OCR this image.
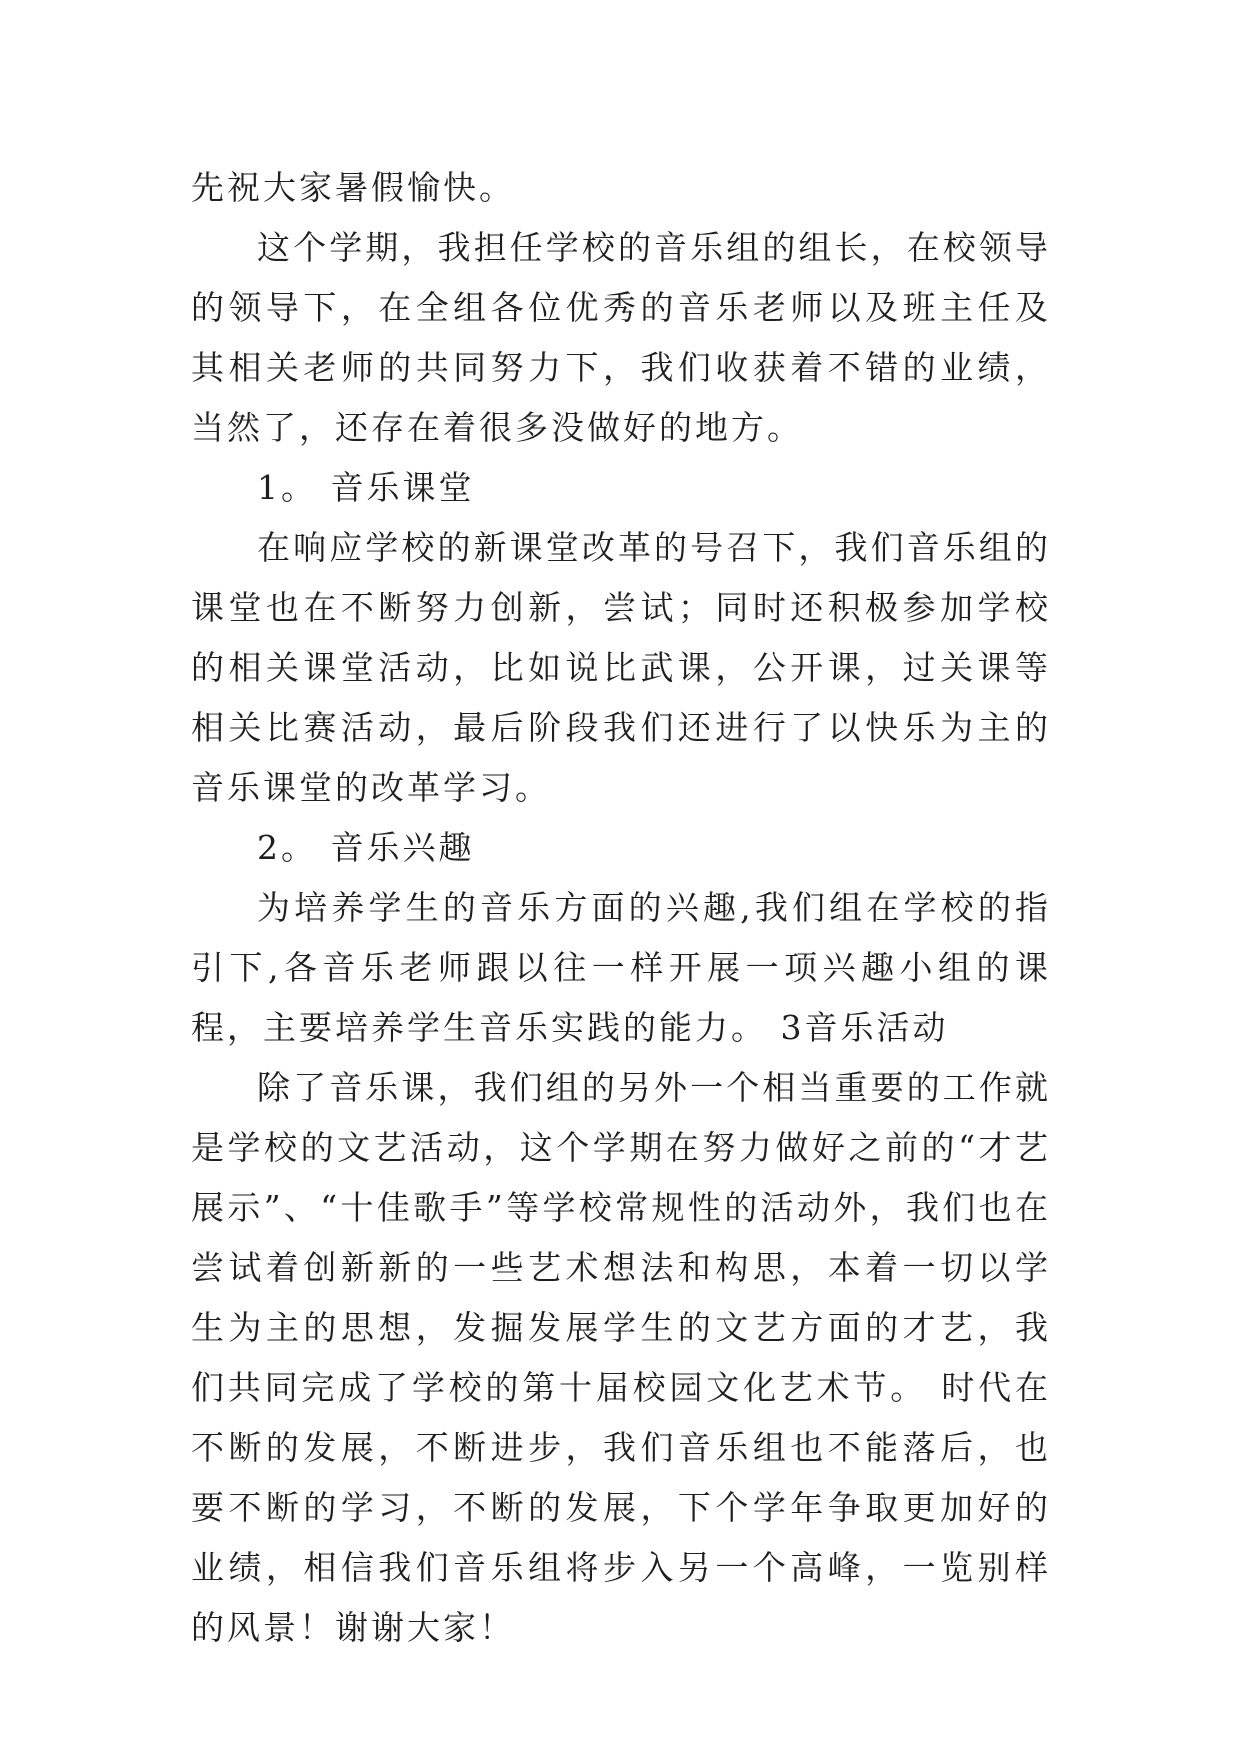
先祝大家暑假愉快。

这个学期，我担任学校的音乐组的组长，在校领导的领导下，在全组各位优秀的音乐老师以及班主任及其相关老师的共同努力下，我们收获着不错的业绩，当然了，还存在着很多没做好的地方。

1。 音乐课堂

在响应学校的新课堂改革的号召下，我们音乐组的课堂也在不断努力创新，尝试；同时还积极参加学校的相关课堂活动，比如说比武课，公开课，过关课等相关比赛活动，最后阶段我们还进行了以快乐为主的音乐课堂的改革学习。

2。 音乐兴趣

为培养学生的音乐方面的兴趣,我们组在学校的指引下,各音乐老师跟以往一样开展一项兴趣小组的课程，主要培养学生音乐实践的能力。 3音乐活动

除了音乐课，我们组的另外一个相当重要的工作就是学校的文艺活动，这个学期在努力做好之前的“才艺展示”、“十佳歌手”等学校常规性的活动外，我们也在尝试着创新新的一些艺术想法和构思，本着一切以学生为主的思想，发掘发展学生的文艺方面的才艺，我们共同完成了学校的第十届校园文化艺术节。 时代在不断的发展，不断进步，我们音乐组也不能落后，也要不断的学习，不断的发展，下个学年争取更加好的业绩，相信我们音乐组将步入另一个高峰，一览别样的风景！谢谢大家！
